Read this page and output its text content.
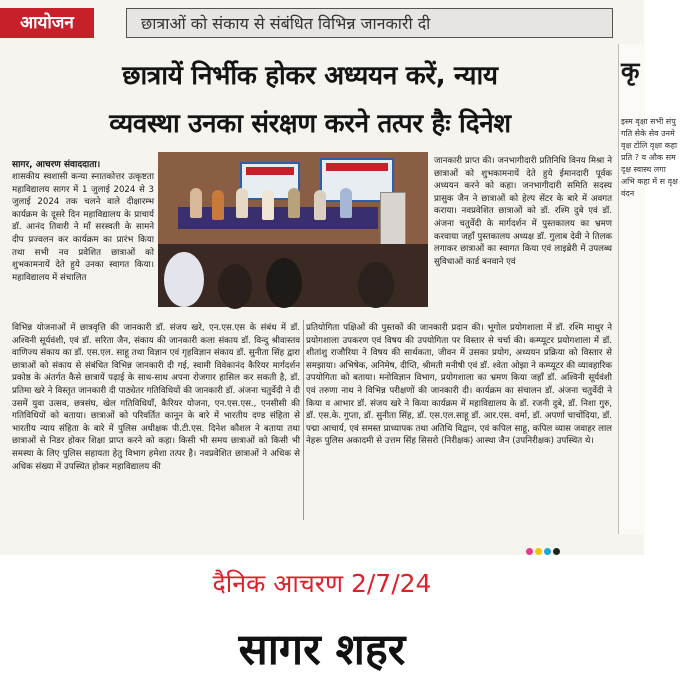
आयोजन	छात्राओं को संकाय से संबंधित विभिन्न जानकारी दी
छात्रायें निर्भीक होकर अध्ययन करें, न्याय
व्यवस्था उनका संरक्षण करने तत्पर हैः दिनेश
सागर, आचरण संवाददाता।
शासकीय स्वशासी कन्या स्नातकोत्तर उत्कृष्टता महाविद्यालय सागर में 1 जुलाई 2024 से 3 जुलाई 2024 तक चलने वाले दीक्षारम्भ कार्यक्रम के दूसरे दिन महाविद्यालय के प्राचार्य डॉ. आनंद तिवारी ने माँ सरस्वती के सामने दीप प्रज्वलन कर कार्यक्रम का प्रारंभ किया तथा सभी नव प्रवेशित छात्राओं को शुभकामनायें देते हुये उनका स्वागत किया। महाविद्यालय में संचालित
जानकारी प्राप्त की। जनभागीदारी प्रतिनिधि विनय मिश्रा ने छात्राओं को शुभकामनायें देते हुये ईमानदारी पूर्वक अध्ययन करने को कहा। जनभागीदारी समिति सदस्य प्रासुक जैन ने छात्राओं को हेल्प सेंटर के बारे में अवगत कराया। नवप्रवेशित छात्राओं को डॉ. रश्मि दुबे एवं डॉ. अंजना चतुर्वेदी के मार्गदर्शन में पुस्तकालय का भ्रमण करवाया जहाँ पुस्तकालय अध्यक्ष डॉ. गुलाब देवी ने तिलक लगाकर छात्राओं का स्वागत किया एवं लाइब्रेरी में उपलब्ध सुविधाओं कार्ड बनवाने एवं
विभिन्न योजनाओं में छात्रवृत्ति की जानकारी डॉ. संजय खरे, एन.एस.एस के संबंध में डॉ. अश्विनी सूर्यवंशी, एवं डॉ. सरिता जैन, संकाय की जानकारी कला संकाय डॉ. विन्दु श्रीवास्तव वाणिज्य संकाय का डॉ. एस.एल. साहू तथा विज्ञान एवं गृहविज्ञान संकाय डॉ. सुनीता सिंह द्वारा छात्राओं को संकाय से संबंधित विभिन्न जानकारी दी गई, स्वामी विवेकानंद कैरियर मार्गदर्शन प्रकोष्ठ के अंतर्गत कैसे छात्रायें पढ़ाई के साथ-साथ अपना रोजगार हासिल कर सकती है, डॉ. प्रतिमा खरे ने विस्तृत जानकारी दी पाठ्येतर गतिविधियों की जानकारी डॉ. अंजना चतुर्वेदी ने दी उसमें युवा उत्सव, छत्रसंघ, खेल गतिविधियाँ, कैरियर योजना, एन.एस.एस., एनसीसी की गतिविधियों को बताया। छात्राओं को परिवर्तित कानून के बारे में भारतीय दण्ड संहिता से भारतीय न्याय संहिता के बारे में पुलिस अधीक्षक पी.टी.एस. दिनेश कौशल ने बताया तथा छात्राओं से निडर होकर शिक्षा प्राप्त करने को कहा। किसी भी समय छात्राओं को किसी भी समस्या के लिए पुलिस सहायता हेतु विभाग हमेशा तत्पर है। नवप्रवेशित छात्राओं ने अधिक से अधिक संख्या में उपस्थित होकर महाविद्यालय की
प्रतियोगिता पक्षिओं की पुस्तकों की जानकारी प्रदान की। भूगोल प्रयोगशाला में डॉ. रश्मि माथुर ने प्रयोगशाला उपकरण एवं विषय की उपयोगिता पर विस्तार से चर्चा की। कम्प्यूटर प्रयोगशाला में डॉ. शीतांशु राजौरिया ने विषय की सार्थकता, जीवन में उसका प्रयोग, अध्ययन प्रक्रिया को विस्तार से समझाया। अभिषेक, अनिमेष, दीप्ति, श्रीमती मनीषी एवं डॉ. श्वेता ओझा ने कम्प्यूटर की व्यावहारिक उपयोगिता को बताया। मनोविज्ञान विभाग, प्रयोगशाला का भ्रमण किया जहाँ डॉ. अश्विनी सूर्यवंशी एवं तरुणा नाथ ने विभिन्न परीक्षणों की जानकारी दी। कार्यक्रम का संचालन डॉ. अंजना चतुर्वेदी ने किया व आभार डॉ. संजय खरे ने किया कार्यक्रम में महाविद्यालय के डॉ. रजनी दुबे, डॉ. निशा गुरु, डॉ. एस.के. गुप्ता, डॉ. सुनीता सिंह, डॉ. एस.एल.साहू डॉ. आर.एस. वर्मा, डॉ. अपर्णा चाचोंदिया, डॉ. पद्मा आचार्य, एवं समस्त प्राध्यापक तथा अतिथि विद्वान, एवं कपिल साहू, कपिल व्यास जवाहर लाल नेहरू पुलिस अकादमी से उत्तम सिंह सिसरो (निरीक्षक) आस्था जैन (उपनिरीक्षक) उपस्थित थे।
कृ
इस्म वृक्षा सभी संपु गति सेके सेव उनमे वृक्ष टोलि वृक्षा कहा प्रति ? य औक सम दृक्ष स्वास्थ लगा अभि कहा में स वृक्ष वंदन
दैनिक आचरण 2/7/24
सागर शहर
